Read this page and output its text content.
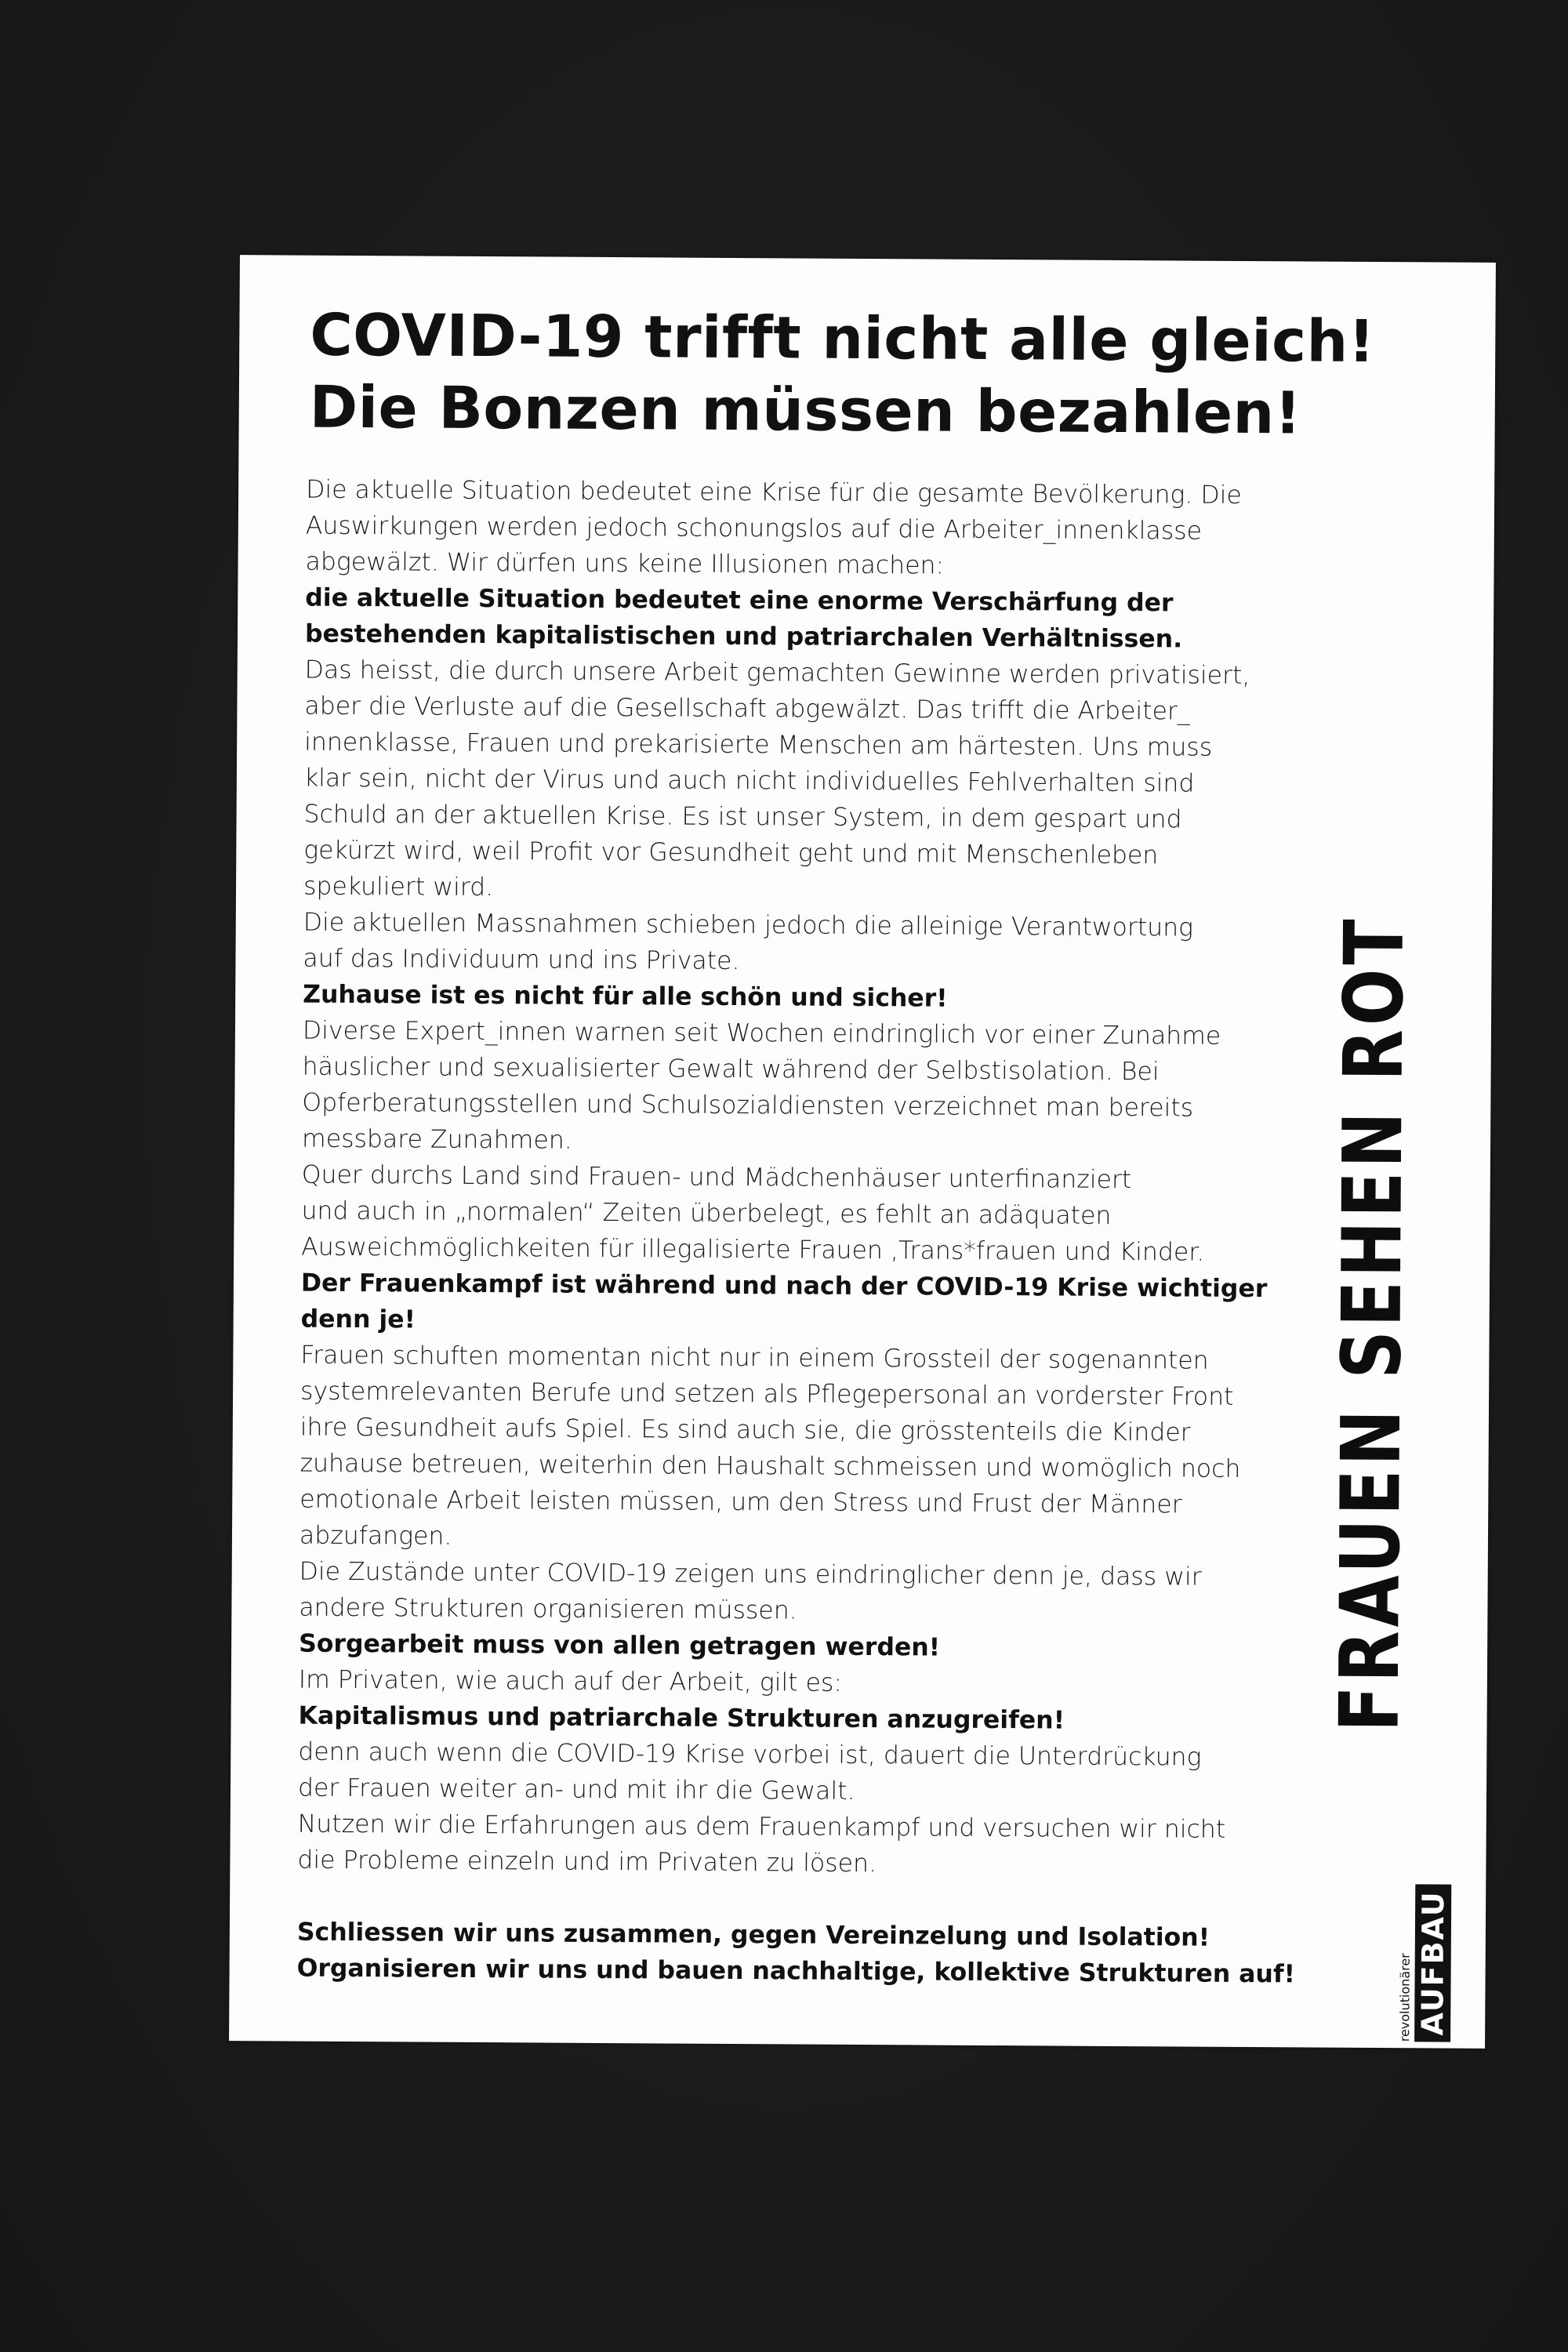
COVID-19 trifft nicht alle gleich!
Die Bonzen müssen bezahlen!
Die aktuelle Situation bedeutet eine Krise für die gesamte Bevölkerung. Die
Auswirkungen werden jedoch schonungslos auf die Arbeiter_innenklasse
abgewälzt. Wir dürfen uns keine Illusionen machen:
die aktuelle Situation bedeutet eine enorme Verschärfung der
bestehenden kapitalistischen und patriarchalen Verhältnissen.
Das heisst, die durch unsere Arbeit gemachten Gewinne werden privatisiert,
aber die Verluste auf die Gesellschaft abgewälzt. Das trifft die Arbeiter_
innenklasse, Frauen und prekarisierte Menschen am härtesten. Uns muss
klar sein, nicht der Virus und auch nicht individuelles Fehlverhalten sind
Schuld an der aktuellen Krise. Es ist unser System, in dem gespart und
gekürzt wird, weil Profit vor Gesundheit geht und mit Menschenleben
spekuliert wird.
Die aktuellen Massnahmen schieben jedoch die alleinige Verantwortung
auf das Individuum und ins Private.
Zuhause ist es nicht für alle schön und sicher!
Diverse Expert_innen warnen seit Wochen eindringlich vor einer Zunahme
häuslicher und sexualisierter Gewalt während der Selbstisolation. Bei
Opferberatungsstellen und Schulsozialdiensten verzeichnet man bereits
messbare Zunahmen.
Quer durchs Land sind Frauen- und Mädchenhäuser unterfinanziert
und auch in „normalen“ Zeiten überbelegt, es fehlt an adäquaten
Ausweichmöglichkeiten für illegalisierte Frauen ,Trans*frauen und Kinder.
Der Frauenkampf ist während und nach der COVID-19 Krise wichtiger
denn je!
Frauen schuften momentan nicht nur in einem Grossteil der sogenannten
systemrelevanten Berufe und setzen als Pflegepersonal an vorderster Front
ihre Gesundheit aufs Spiel. Es sind auch sie, die grösstenteils die Kinder
zuhause betreuen, weiterhin den Haushalt schmeissen und womöglich noch
emotionale Arbeit leisten müssen, um den Stress und Frust der Männer
abzufangen.
Die Zustände unter COVID-19 zeigen uns eindringlicher denn je, dass wir
andere Strukturen organisieren müssen.
Sorgearbeit muss von allen getragen werden!
Im Privaten, wie auch auf der Arbeit, gilt es:
Kapitalismus und patriarchale Strukturen anzugreifen!
denn auch wenn die COVID-19 Krise vorbei ist, dauert die Unterdrückung
der Frauen weiter an- und mit ihr die Gewalt.
Nutzen wir die Erfahrungen aus dem Frauenkampf und versuchen wir nicht
die Probleme einzeln und im Privaten zu lösen.
Schliessen wir uns zusammen, gegen Vereinzelung und Isolation!
Organisieren wir uns und bauen nachhaltige, kollektive Strukturen auf!
FRAUEN SEHEN ROT
revolutionärer AUFBAU
